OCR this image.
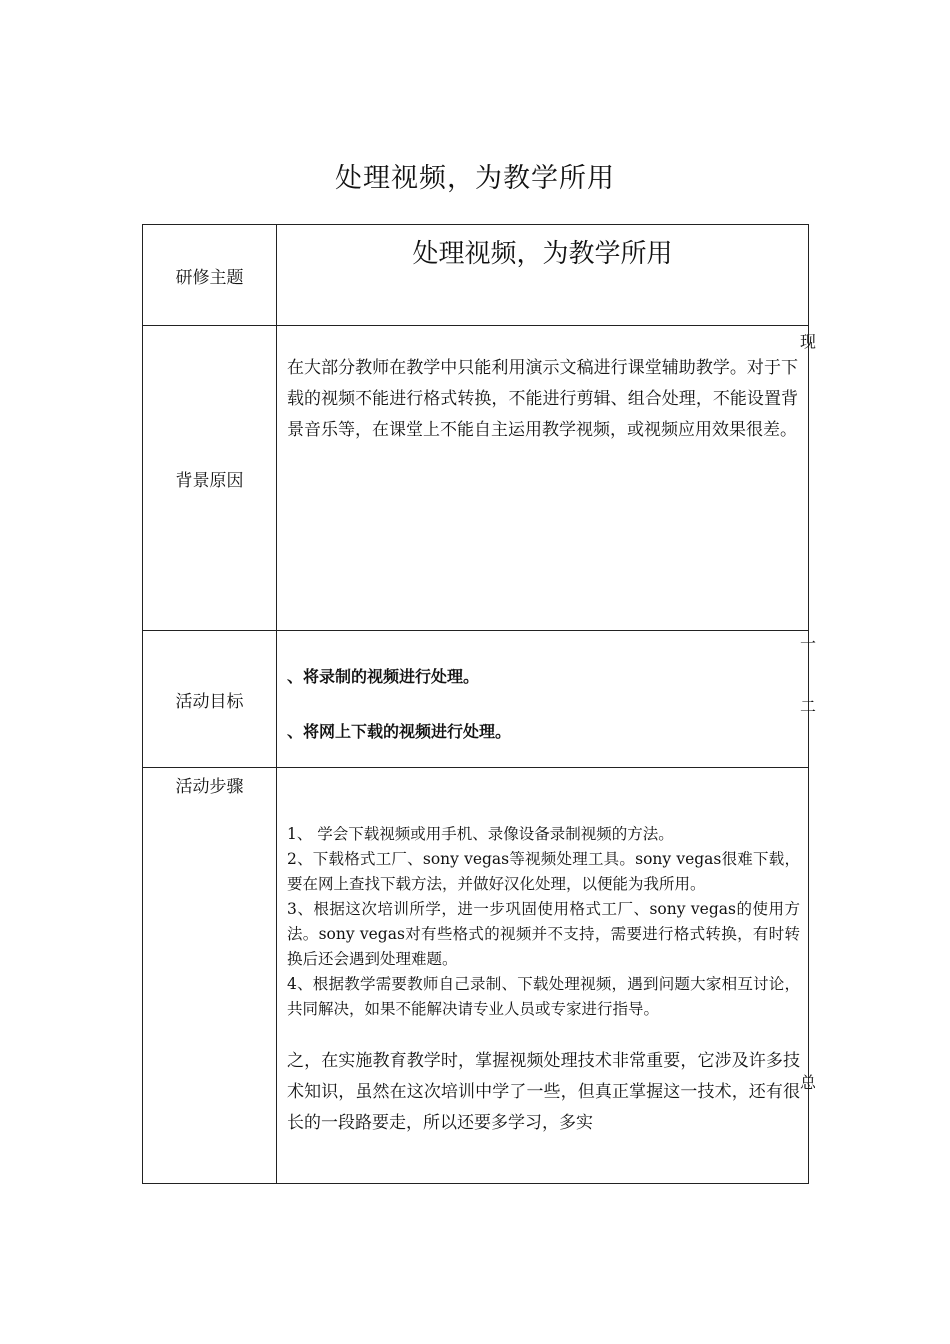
处理视频，为教学所用
研修主题	处理视频，为教学所用

背景原因	在大部分教师在教学中只能利用演示文稿进行课堂辅助教学。对于下载的视频不能进行格式转换，不能进行剪辑、组合处理，不能设置背景音乐等，在课堂上不能自主运用教学视频，或视频应用效果很差。

活动目标	、将录制的视频进行处理。
、将网上下载的视频进行处理。

活动步骤	1、 学会下载视频或用手机、录像设备录制视频的方法。

2、下载格式工厂、sony vegas等视频处理工具。sony vegas很难下载，要在网上查找下载方法，并做好汉化处理，以便能为我所用。

3、根据这次培训所学，进一步巩固使用格式工厂、sony vegas的使用方法。sony vegas对有些格式的视频并不支持，需要进行格式转换，有时转换后还会遇到处理难题。

4、根据教学需要教师自己录制、下载处理视频，遇到问题大家相互讨论，共同解决，如果不能解决请专业人员或专家进行指导。

之，在实施教育教学时，掌握视频处理技术非常重要，它涉及许多技术知识，虽然在这次培训中学了一些，但真正掌握这一技术，还有很长的一段路要走，所以还要多学习，多实
现
一
二
总
